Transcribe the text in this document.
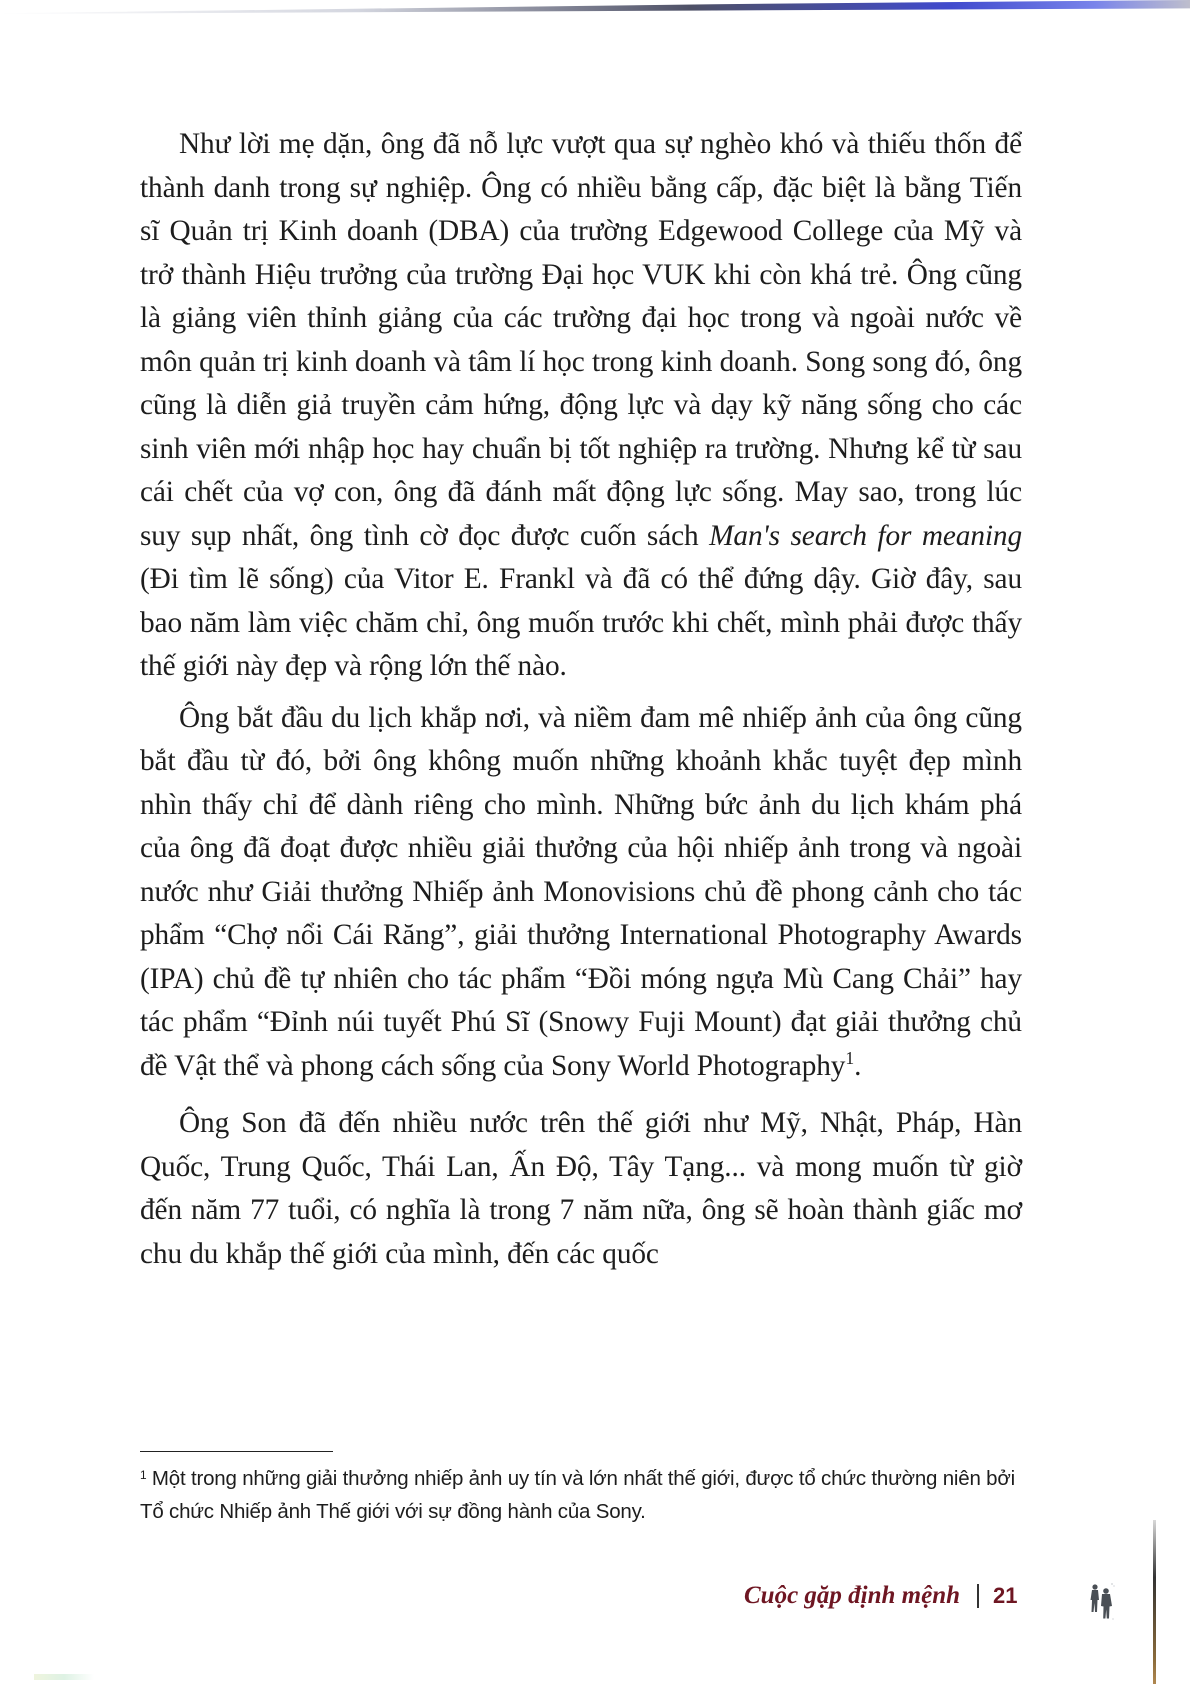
Như lời mẹ dặn, ông đã nỗ lực vượt qua sự nghèo khó và thiếu thốn để thành danh trong sự nghiệp. Ông có nhiều bằng cấp, đặc biệt là bằng Tiến sĩ Quản trị Kinh doanh (DBA) của trường Edgewood College của Mỹ và trở thành Hiệu trưởng của trường Đại học VUK khi còn khá trẻ. Ông cũng là giảng viên thỉnh giảng của các trường đại học trong và ngoài nước về môn quản trị kinh doanh và tâm lí học trong kinh doanh. Song song đó, ông cũng là diễn giả truyền cảm hứng, động lực và dạy kỹ năng sống cho các sinh viên mới nhập học hay chuẩn bị tốt nghiệp ra trường. Nhưng kể từ sau cái chết của vợ con, ông đã đánh mất động lực sống. May sao, trong lúc suy sụp nhất, ông tình cờ đọc được cuốn sách Man's search for meaning (Đi tìm lẽ sống) của Vitor E. Frankl và đã có thể đứng dậy. Giờ đây, sau bao năm làm việc chăm chỉ, ông muốn trước khi chết, mình phải được thấy thế giới này đẹp và rộng lớn thế nào.

Ông bắt đầu du lịch khắp nơi, và niềm đam mê nhiếp ảnh của ông cũng bắt đầu từ đó, bởi ông không muốn những khoảnh khắc tuyệt đẹp mình nhìn thấy chỉ để dành riêng cho mình. Những bức ảnh du lịch khám phá của ông đã đoạt được nhiều giải thưởng của hội nhiếp ảnh trong và ngoài nước như Giải thưởng Nhiếp ảnh Monovisions chủ đề phong cảnh cho tác phẩm “Chợ nổi Cái Răng”, giải thưởng International Photography Awards (IPA) chủ đề tự nhiên cho tác phẩm “Đồi móng ngựa Mù Cang Chải” hay tác phẩm “Đỉnh núi tuyết Phú Sĩ (Snowy Fuji Mount) đạt giải thưởng chủ đề Vật thể và phong cách sống của Sony World Photography$^1$.

Ông Son đã đến nhiều nước trên thế giới như Mỹ, Nhật, Pháp, Hàn Quốc, Trung Quốc, Thái Lan, Ấn Độ, Tây Tạng... và mong muốn từ giờ đến năm 77 tuổi, có nghĩa là trong 7 năm nữa, ông sẽ hoàn thành giấc mơ chu du khắp thế giới của mình, đến các quốc

$^1$ Một trong những giải thưởng nhiếp ảnh uy tín và lớn nhất thế giới, được tổ chức thường niên bởi Tổ chức Nhiếp ảnh Thế giới với sự đồng hành của Sony.
Cuộc gặp định mệnh 21
